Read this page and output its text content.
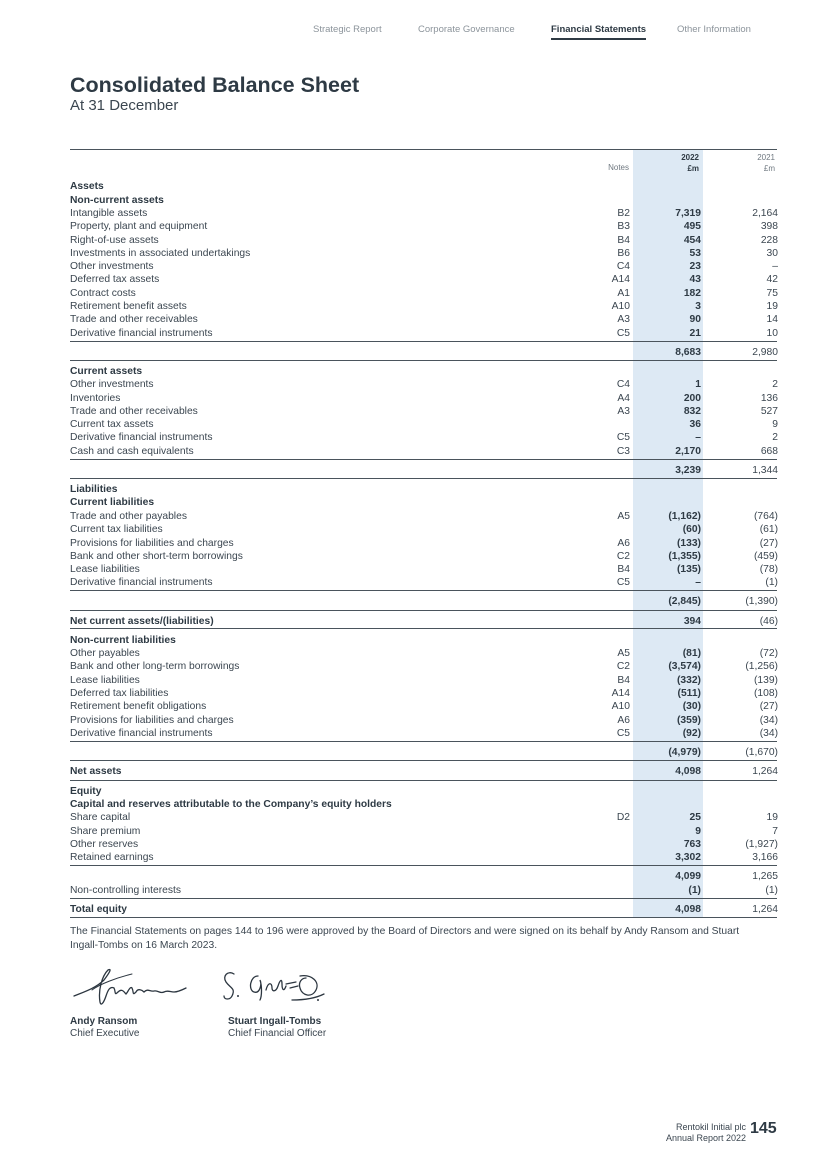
Strategic Report	Corporate Governance	Financial Statements	Other Information
Consolidated Balance Sheet
At 31 December
Notes
2022
£m
2021
£m
Assets
Non-current assets
Intangible assets	B2	7,319	2,164
Property, plant and equipment	B3	495	398
Right-of-use assets	B4	454	228
Investments in associated undertakings	B6	53	30
Other investments	C4	23	–
Deferred tax assets	A14	43	42
Contract costs	A1	182	75
Retirement benefit assets	A10	3	19
Trade and other receivables	A3	90	14
Derivative financial instruments	C5	21	10
8,683	2,980
Current assets
Other investments	C4	1	2
Inventories	A4	200	136
Trade and other receivables	A3	832	527
Current tax assets	36	9
Derivative financial instruments	C5	–	2
Cash and cash equivalents	C3	2,170	668
3,239	1,344
Liabilities
Current liabilities
Trade and other payables	A5	(1,162)	(764)
Current tax liabilities	(60)	(61)
Provisions for liabilities and charges	A6	(133)	(27)
Bank and other short-term borrowings	C2	(1,355)	(459)
Lease liabilities	B4	(135)	(78)
Derivative financial instruments	C5	–	(1)
(2,845)	(1,390)
Net current assets/(liabilities)	394	(46)
Non-current liabilities
Other payables	A5	(81)	(72)
Bank and other long-term borrowings	C2	(3,574)	(1,256)
Lease liabilities	B4	(332)	(139)
Deferred tax liabilities	A14	(511)	(108)
Retirement benefit obligations	A10	(30)	(27)
Provisions for liabilities and charges	A6	(359)	(34)
Derivative financial instruments	C5	(92)	(34)
(4,979)	(1,670)
Net assets	4,098	1,264
Equity
Capital and reserves attributable to the Company’s equity holders
Share capital	D2	25	19
Share premium	9	7
Other reserves	763	(1,927)
Retained earnings	3,302	3,166
4,099	1,265
Non-controlling interests	(1)	(1)
Total equity	4,098	1,264
The Financial Statements on pages 144 to 196 were approved by the Board of Directors and were signed on its behalf by Andy Ransom and Stuart Ingall-Tombs on 16 March 2023.
Andy Ransom
Chief Executive
Stuart Ingall-Tombs
Chief Financial Officer
Rentokil Initial plc
Annual Report 2022
145
